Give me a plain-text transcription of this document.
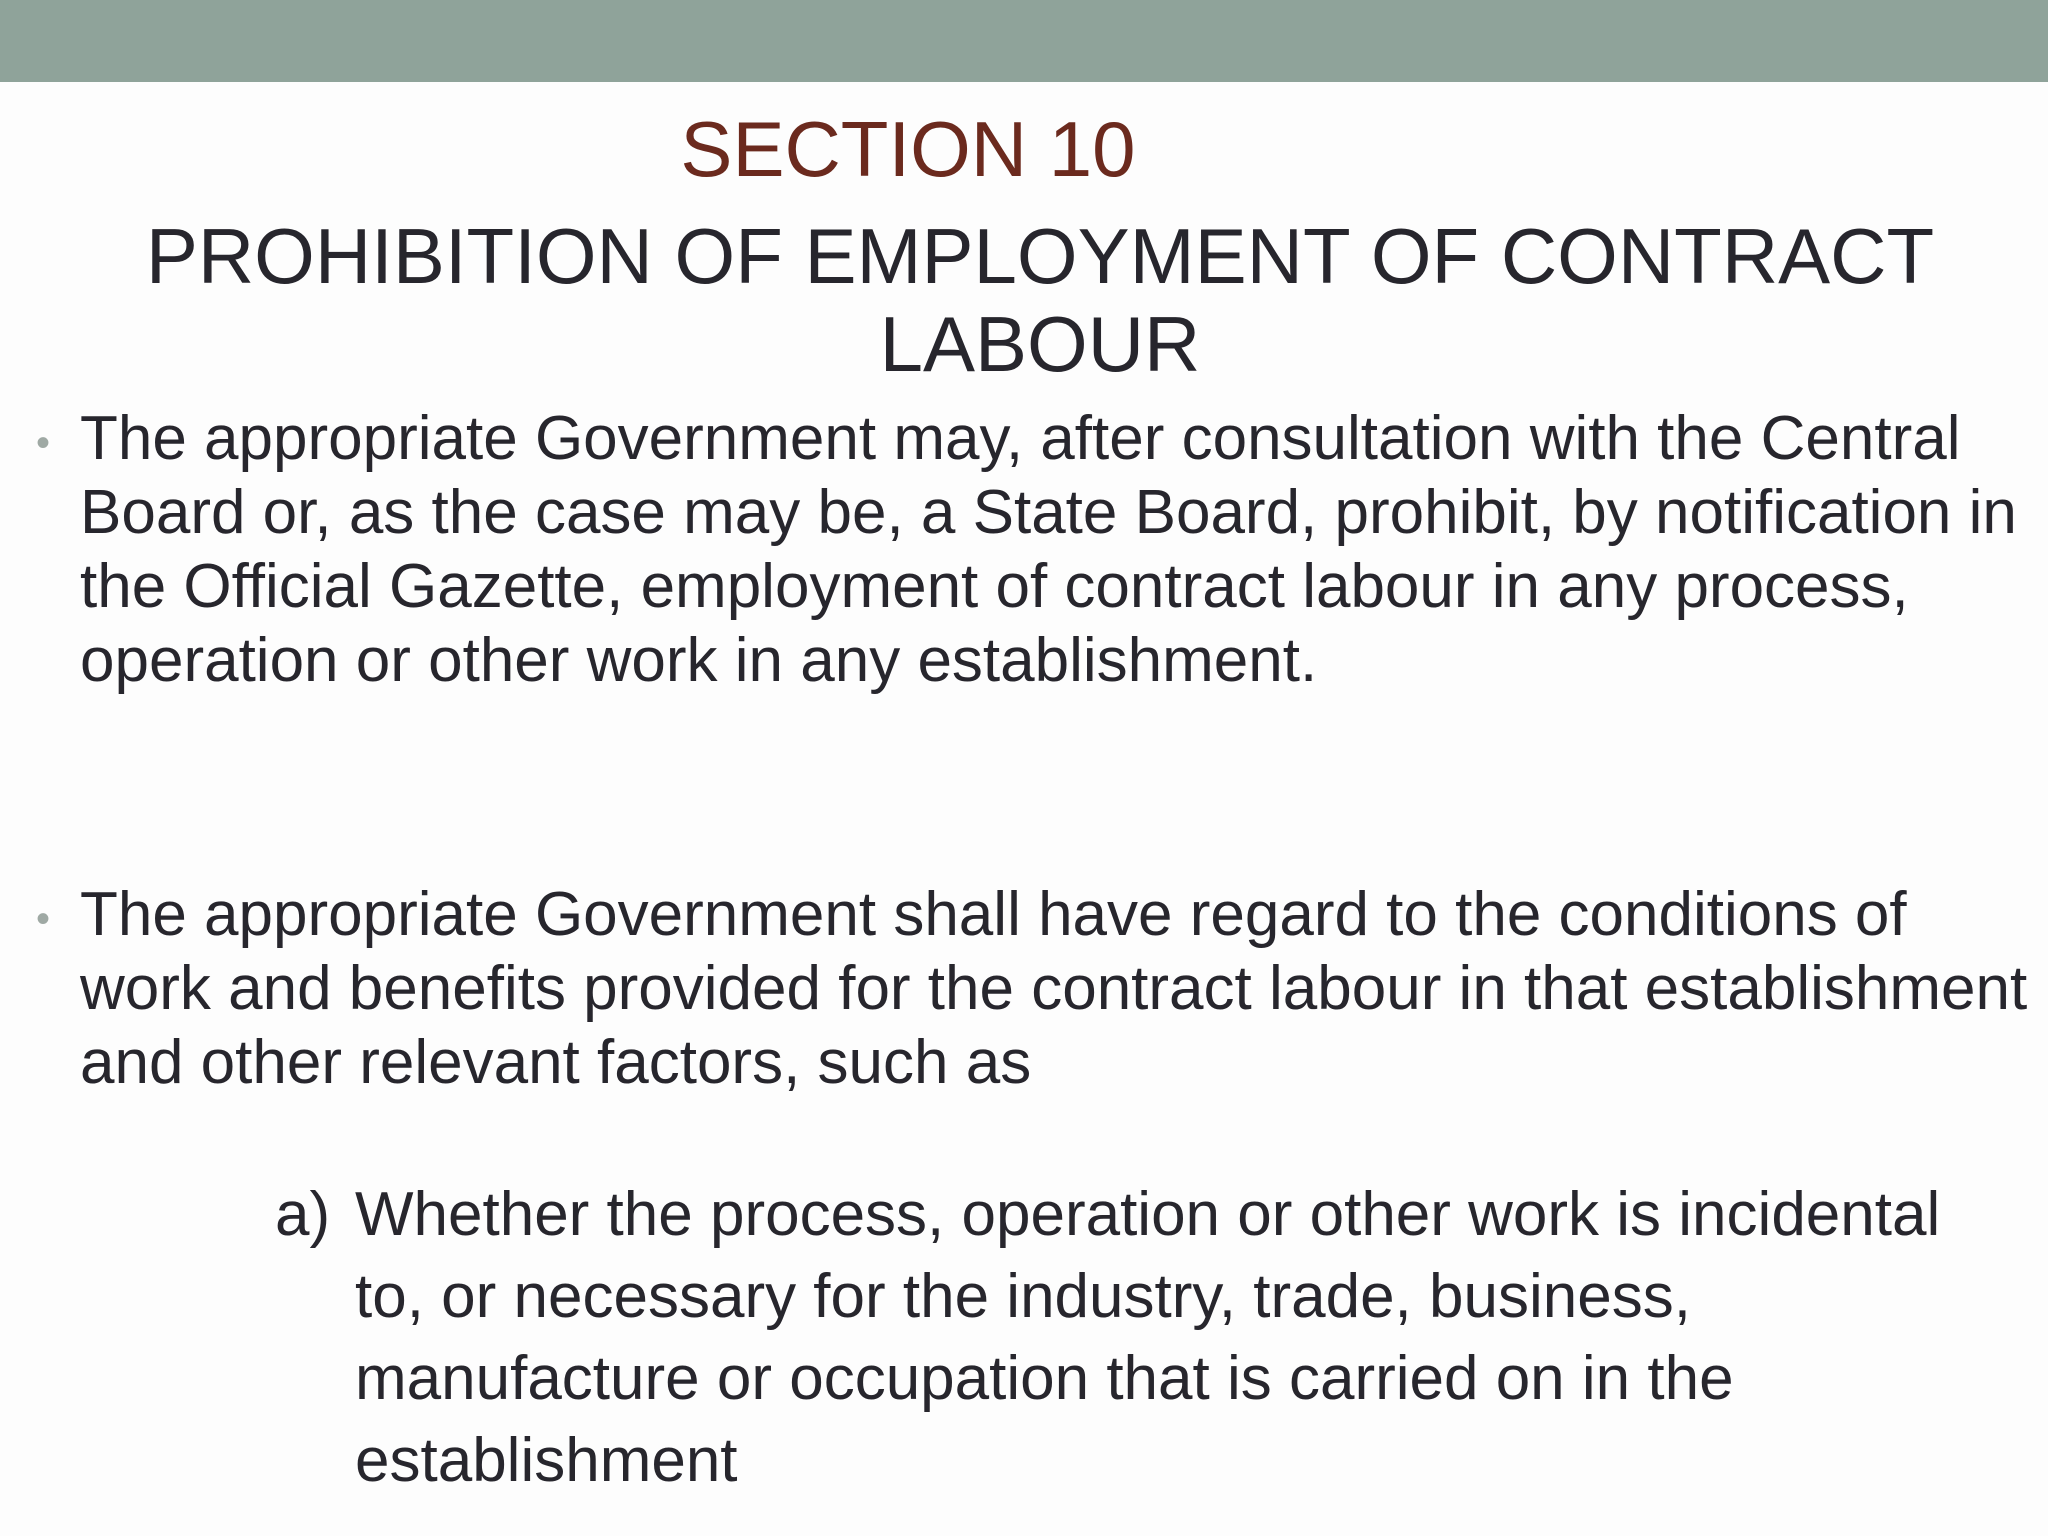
SECTION 10
PROHIBITION OF EMPLOYMENT OF CONTRACT LABOUR
• The appropriate Government may, after consultation with the Central Board or, as the case may be, a State Board, prohibit, by notification in the Official Gazette, employment of contract labour in any process, operation or other work in any establishment.
• The appropriate Government shall have regard to the conditions of work and benefits provided for the contract labour in that establishment and other relevant factors, such as
a) Whether the process, operation or other work is incidental to, or necessary for the industry, trade, business, manufacture or occupation that is carried on in the establishment
